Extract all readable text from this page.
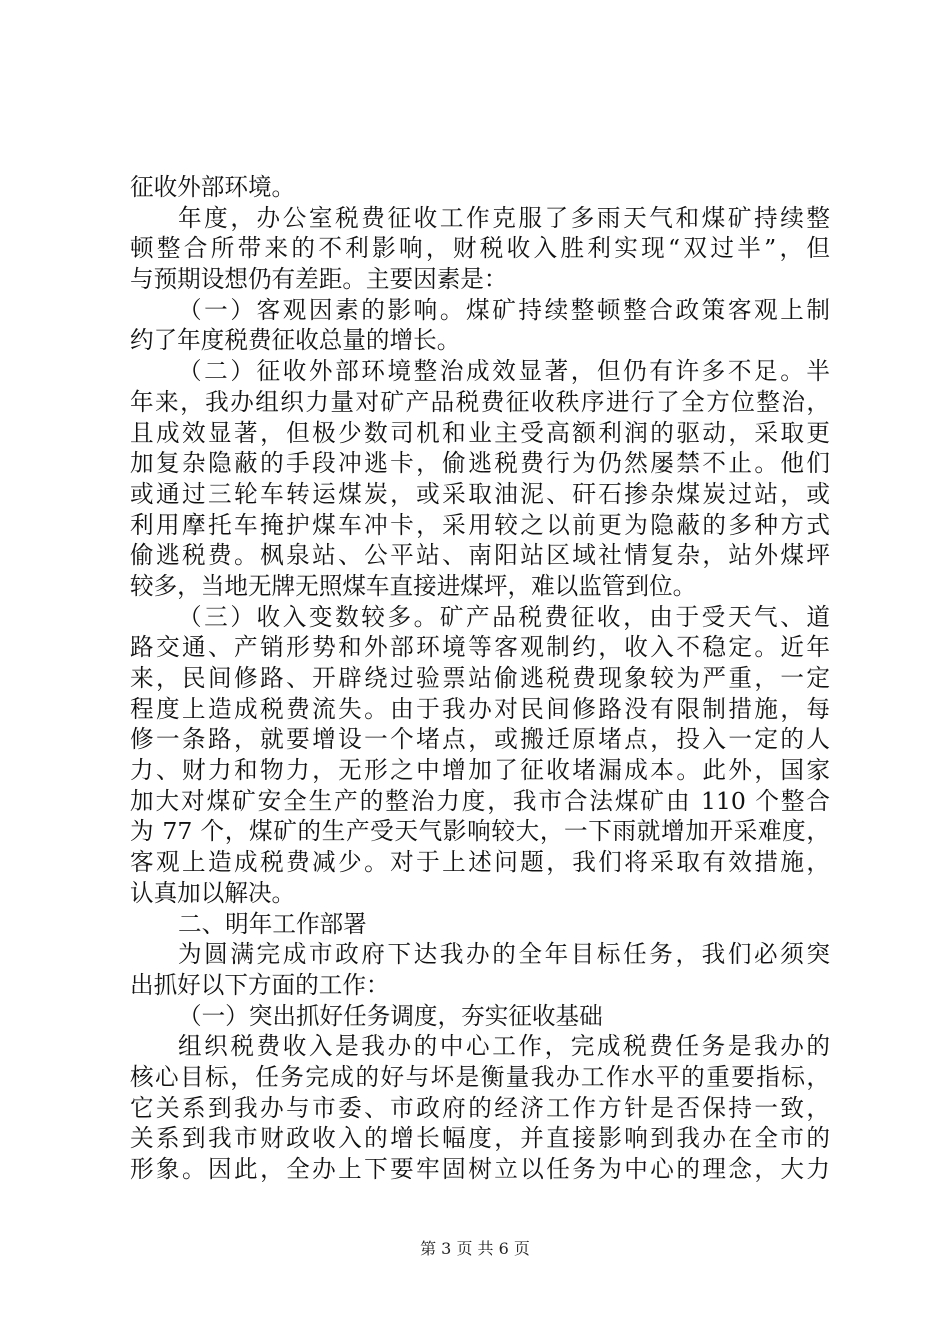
征收外部环境。
年度，办公室税费征收工作克服了多雨天气和煤矿持续整
顿整合所带来的不利影响，财税收入胜利实现“双过半”，但
与预期设想仍有差距。主要因素是：
（一）客观因素的影响。煤矿持续整顿整合政策客观上制
约了年度税费征收总量的增长。
（二）征收外部环境整治成效显著，但仍有许多不足。半
年来，我办组织力量对矿产品税费征收秩序进行了全方位整治，
且成效显著，但极少数司机和业主受高额利润的驱动，采取更
加复杂隐蔽的手段冲逃卡，偷逃税费行为仍然屡禁不止。他们
或通过三轮车转运煤炭，或采取油泥、矸石掺杂煤炭过站，或
利用摩托车掩护煤车冲卡，采用较之以前更为隐蔽的多种方式
偷逃税费。枫泉站、公平站、南阳站区域社情复杂，站外煤坪
较多，当地无牌无照煤车直接进煤坪，难以监管到位。
（三）收入变数较多。矿产品税费征收，由于受天气、道
路交通、产销形势和外部环境等客观制约，收入不稳定。近年
来，民间修路、开辟绕过验票站偷逃税费现象较为严重，一定
程度上造成税费流失。由于我办对民间修路没有限制措施，每
修一条路，就要增设一个堵点，或搬迁原堵点，投入一定的人
力、财力和物力，无形之中增加了征收堵漏成本。此外，国家
加大对煤矿安全生产的整治力度，我市合法煤矿由 110 个整合
为 77 个，煤矿的生产受天气影响较大，一下雨就增加开采难度，
客观上造成税费减少。对于上述问题，我们将采取有效措施，
认真加以解决。
二、明年工作部署
为圆满完成市政府下达我办的全年目标任务，我们必须突
出抓好以下方面的工作：
（一）突出抓好任务调度，夯实征收基础
组织税费收入是我办的中心工作，完成税费任务是我办的
核心目标，任务完成的好与坏是衡量我办工作水平的重要指标，
它关系到我办与市委、市政府的经济工作方针是否保持一致，
关系到我市财政收入的增长幅度，并直接影响到我办在全市的
形象。因此，全办上下要牢固树立以任务为中心的理念，大力
第 3 页 共 6 页
